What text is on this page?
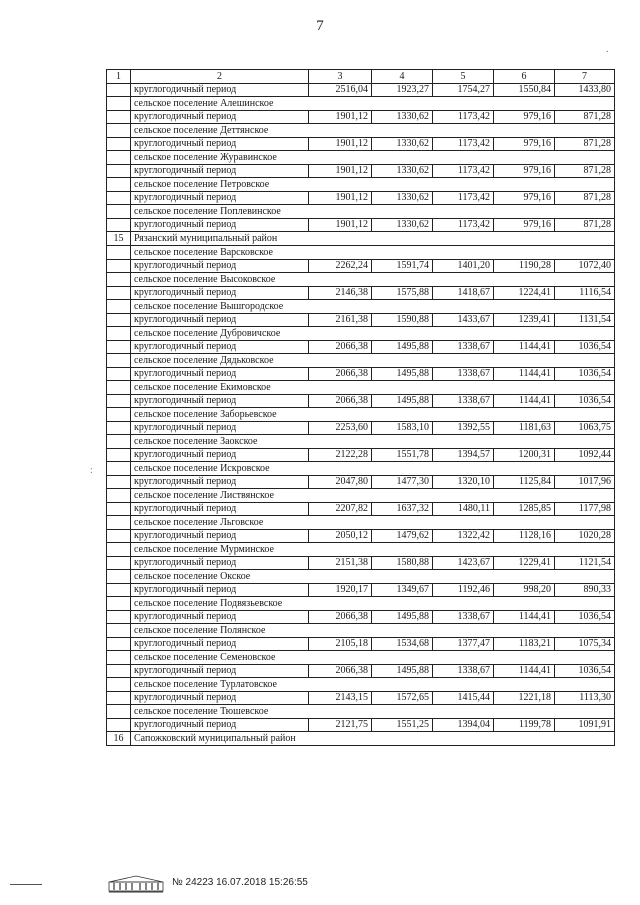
7
.
:
1	2	3	4	5	6	7
	круглогодичный период	2516,04	1923,27	1754,27	1550,84	1433,80
	сельское поселение Алешинское					
	круглогодичный период	1901,12	1330,62	1173,42	979,16	871,28
	сельское поселение Деттянское					
	круглогодичный период	1901,12	1330,62	1173,42	979,16	871,28
	сельское поселение Журавинское					
	круглогодичный период	1901,12	1330,62	1173,42	979,16	871,28
	сельское поселение Петровское					
	круглогодичный период	1901,12	1330,62	1173,42	979,16	871,28
	сельское поселение Поплевинское					
	круглогодичный период	1901,12	1330,62	1173,42	979,16	871,28
15	Рязанский муниципальный район					
	сельское поселение Варсковское					
	круглогодичный период	2262,24	1591,74	1401,20	1190,28	1072,40
	сельское поселение Высоковское					
	круглогодичный период	2146,38	1575,88	1418,67	1224,41	1116,54
	сельское поселение Вышгородское					
	круглогодичный период	2161,38	1590,88	1433,67	1239,41	1131,54
	сельское поселение Дубровичское					
	круглогодичный период	2066,38	1495,88	1338,67	1144,41	1036,54
	сельское поселение Дядьковское					
	круглогодичный период	2066,38	1495,88	1338,67	1144,41	1036,54
	сельское поселение Екимовское					
	круглогодичный период	2066,38	1495,88	1338,67	1144,41	1036,54
	сельское поселение Заборьевское					
	круглогодичный период	2253,60	1583,10	1392,55	1181,63	1063,75
	сельское поселение Заокское					
	круглогодичный период	2122,28	1551,78	1394,57	1200,31	1092,44
	сельское поселение Искровское					
	круглогодичный период	2047,80	1477,30	1320,10	1125,84	1017,96
	сельское поселение Листвянское					
	круглогодичный период	2207,82	1637,32	1480,11	1285,85	1177,98
	сельское поселение Льговское					
	круглогодичный период	2050,12	1479,62	1322,42	1128,16	1020,28
	сельское поселение Мурминское					
	круглогодичный период	2151,38	1580,88	1423,67	1229,41	1121,54
	сельское поселение Окское					
	круглогодичный период	1920,17	1349,67	1192,46	998,20	890,33
	сельское поселение Подвязьевское					
	круглогодичный период	2066,38	1495,88	1338,67	1144,41	1036,54
	сельское поселение Полянское					
	круглогодичный период	2105,18	1534,68	1377,47	1183,21	1075,34
	сельское поселение Семеновское					
	круглогодичный период	2066,38	1495,88	1338,67	1144,41	1036,54
	сельское поселение Турлатовское					
	круглогодичный период	2143,15	1572,65	1415,44	1221,18	1113,30
	сельское поселение Тюшевское					
	круглогодичный период	2121,75	1551,25	1394,04	1199,78	1091,91
16	Сапожковский муниципальный район					
№ 24223 16.07.2018 15:26:55
